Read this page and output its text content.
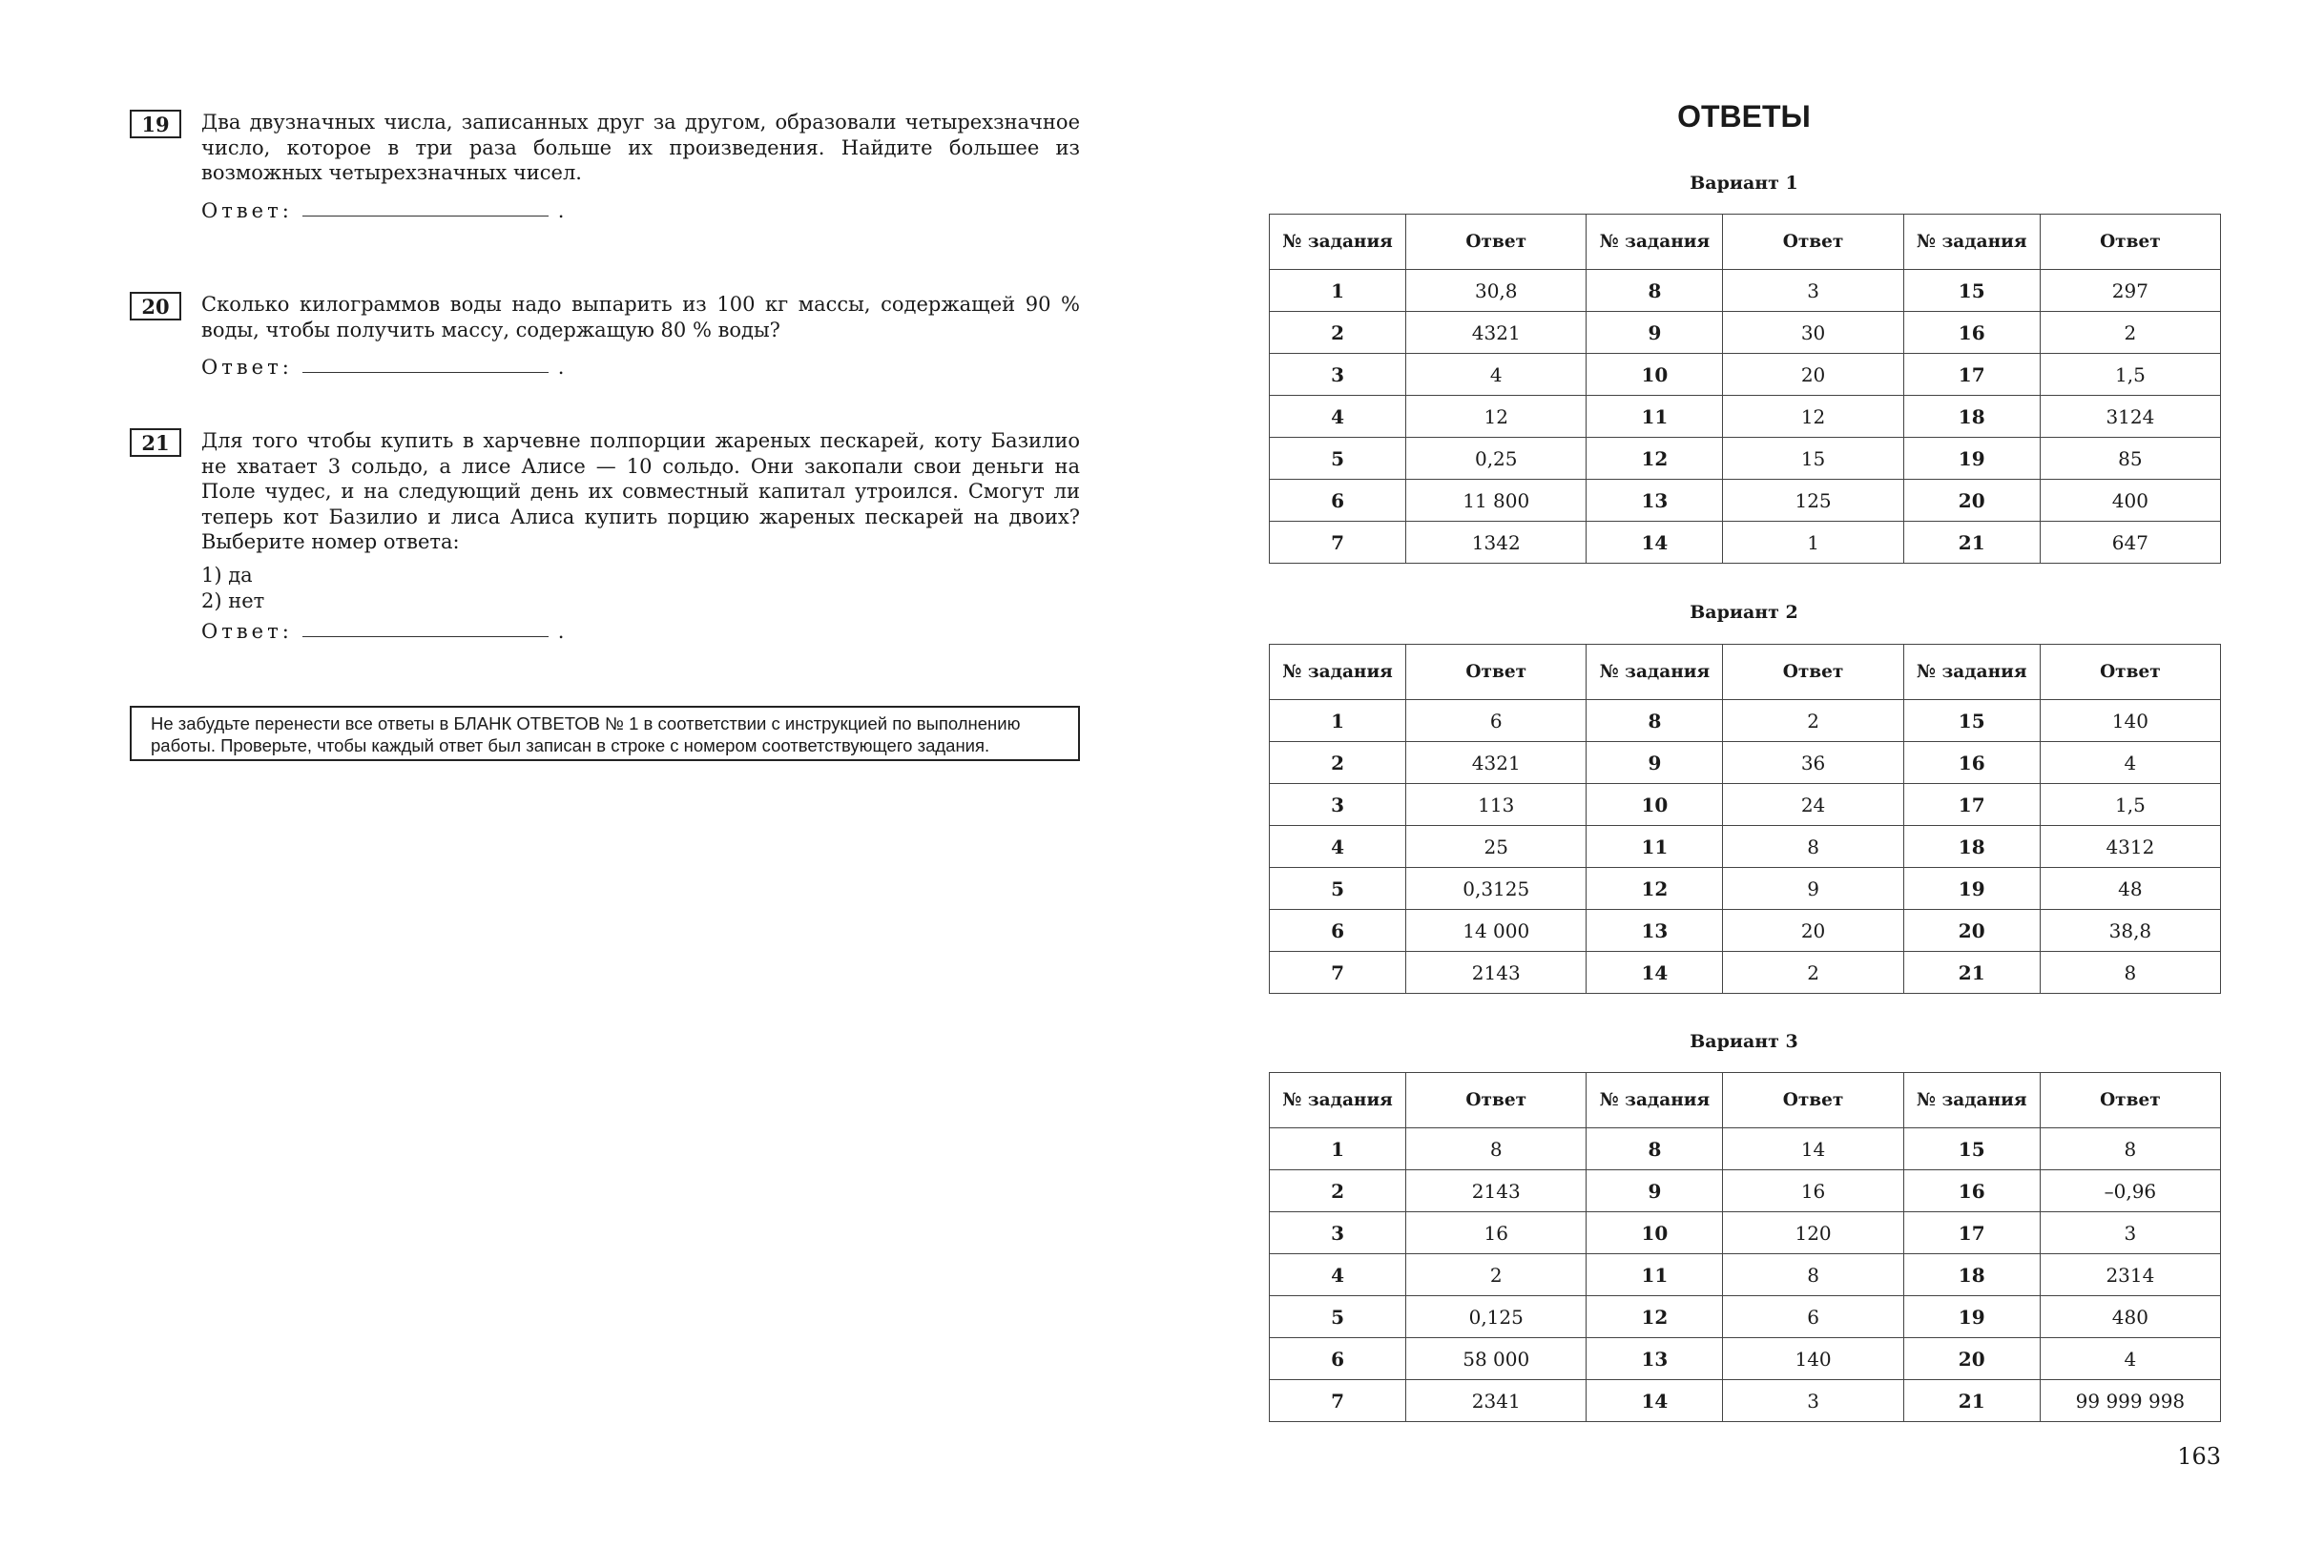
19	Два двузначных числа, записанных друг за другом, образовали четырехзначное число, которое в три раза больше их произведения. Найдите большее из возможных четырехзначных чисел.

Ответ:	.
20	Сколько килограммов воды надо выпарить из 100 кг массы, содержащей 90 % воды, чтобы получить массу, содержащую 80 % воды?

Ответ:	.
21	Для того чтобы купить в харчевне полпорции жареных пескарей, коту Базилио не хватает 3 сольдо, а лисе Алисе — 10 сольдо. Они закопали свои деньги на Поле чудес, и на следующий день их совместный капитал утроился. Смогут ли теперь кот Базилио и лиса Алиса купить порцию жареных пескарей на двоих? Выберите номер ответа:

1) да
2) нет
Ответ:	.
Не забудьте перенести все ответы в БЛАНК ОТВЕТОВ № 1 в соответствии с инструкцией по выполнению работы. Проверьте, чтобы каждый ответ был записан в строке с номером соответствующего задания.
ОТВЕТЫ
Вариант 1
№ задания	Ответ	№ задания	Ответ	№ задания	Ответ
1	30,8	8	3	15	297
2	4321	9	30	16	2
3	4	10	20	17	1,5
4	12	11	12	18	3124
5	0,25	12	15	19	85
6	11 800	13	125	20	400
7	1342	14	1	21	647
Вариант 2
№ задания	Ответ	№ задания	Ответ	№ задания	Ответ
1	6	8	2	15	140
2	4321	9	36	16	4
3	113	10	24	17	1,5
4	25	11	8	18	4312
5	0,3125	12	9	19	48
6	14 000	13	20	20	38,8
7	2143	14	2	21	8
Вариант 3
№ задания	Ответ	№ задания	Ответ	№ задания	Ответ
1	8	8	14	15	8
2	2143	9	16	16	–0,96
3	16	10	120	17	3
4	2	11	8	18	2314
5	0,125	12	6	19	480
6	58 000	13	140	20	4
7	2341	14	3	21	99 999 998
163
